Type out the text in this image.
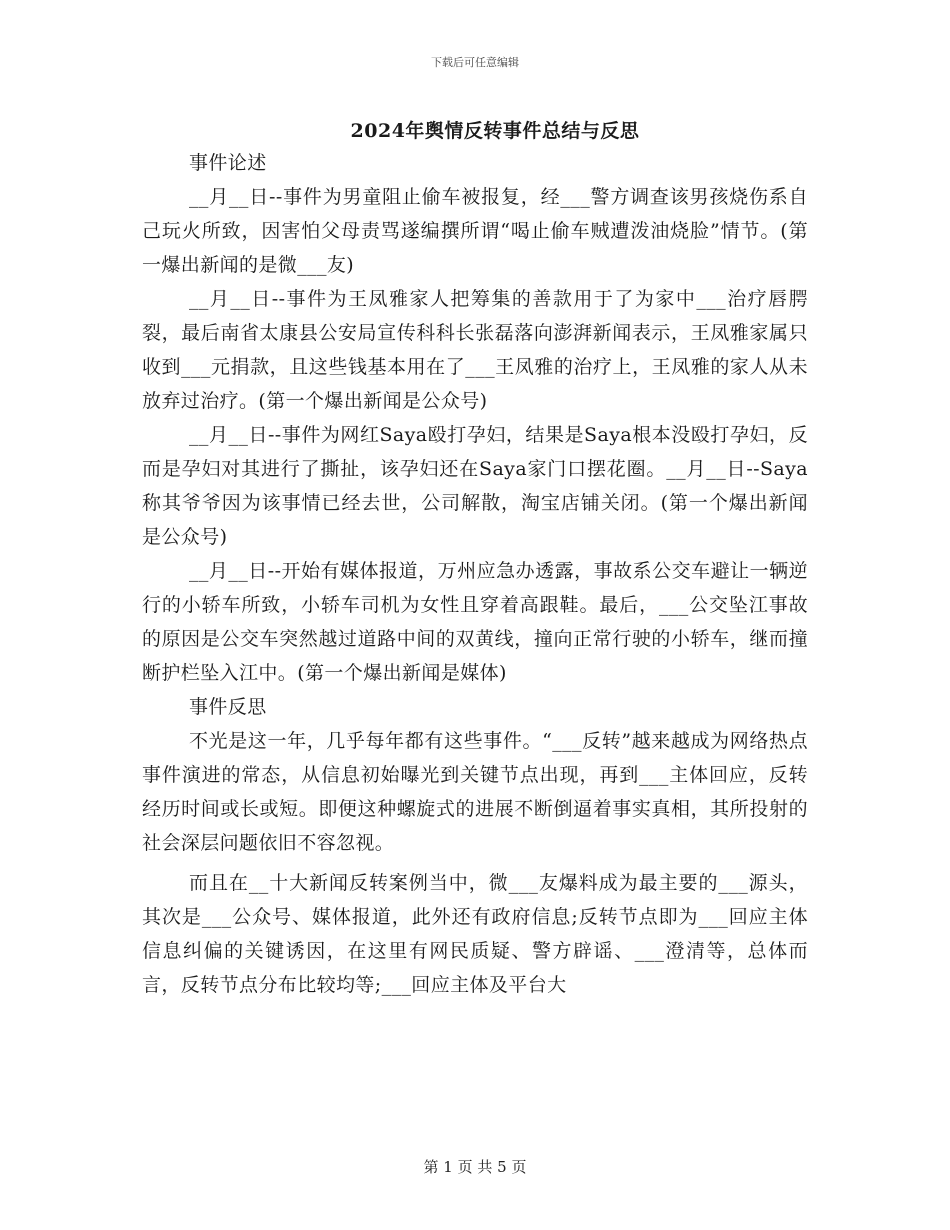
下载后可任意编辑
2024年舆情反转事件总结与反思

事件论述

__月__日--事件为男童阻止偷车被报复，经___警方调查该男孩烧伤系自己玩火所致，因害怕父母责骂遂编撰所谓“喝止偷车贼遭泼油烧脸”情节。(第一爆出新闻的是微___友)

__月__日--事件为王凤雅家人把筹集的善款用于了为家中___治疗唇腭裂，最后南省太康县公安局宣传科科长张磊落向澎湃新闻表示，王凤雅家属只收到___元捐款，且这些钱基本用在了___王凤雅的治疗上，王凤雅的家人从未放弃过治疗。(第一个爆出新闻是公众号)

__月__日--事件为网红Saya殴打孕妇，结果是Saya根本没殴打孕妇，反而是孕妇对其进行了撕扯，该孕妇还在Saya家门口摆花圈。__月__日--Saya称其爷爷因为该事情已经去世，公司解散，淘宝店铺关闭。(第一个爆出新闻是公众号)

__月__日--开始有媒体报道，万州应急办透露，事故系公交车避让一辆逆行的小轿车所致，小轿车司机为女性且穿着高跟鞋。最后，___公交坠江事故的原因是公交车突然越过道路中间的双黄线，撞向正常行驶的小轿车，继而撞断护栏坠入江中。(第一个爆出新闻是媒体)

事件反思

不光是这一年，几乎每年都有这些事件。“___反转”越来越成为网络热点事件演进的常态，从信息初始曝光到关键节点出现，再到___主体回应，反转经历时间或长或短。即便这种螺旋式的进展不断倒逼着事实真相，其所投射的社会深层问题依旧不容忽视。

而且在__十大新闻反转案例当中，微___友爆料成为最主要的___源头，其次是___公众号、媒体报道，此外还有政府信息;反转节点即为___回应主体信息纠偏的关键诱因，在这里有网民质疑、警方辟谣、___澄清等，总体而言，反转节点分布比较均等;___回应主体及平台大

第 1 页 共 5 页
